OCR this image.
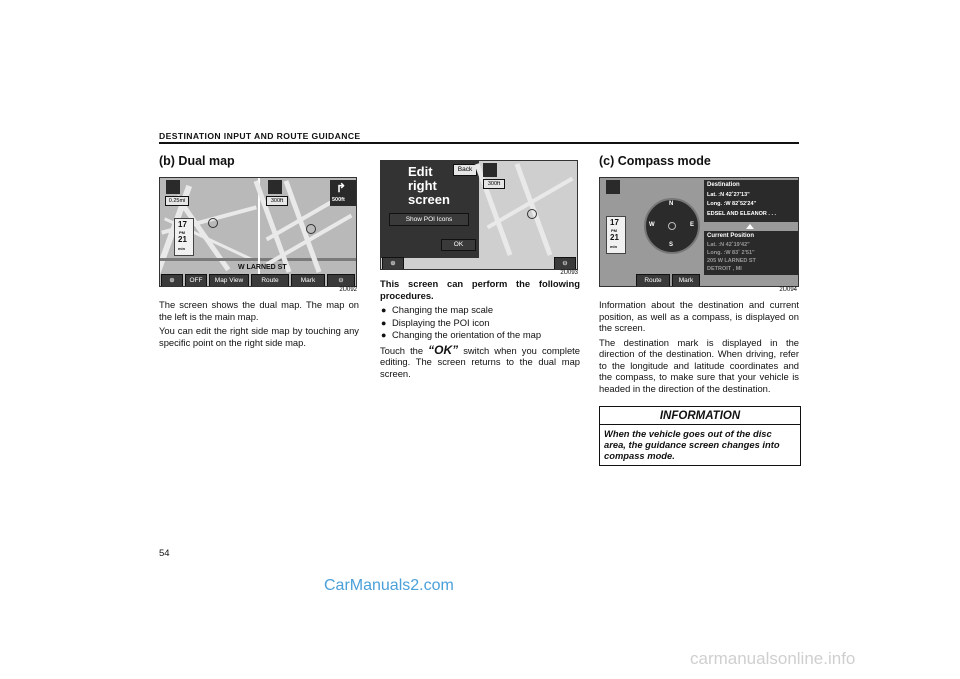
DESTINATION INPUT AND ROUTE GUIDANCE
(b) Dual map
0.25mi	300ft
↱
500ft
17
PM
21
min
W LARNED ST
⊕	OFF	Map View	Route	Mark	⊖
2U092

The screen shows the dual map. The map on the left is the main map.

You can edit the right side map by touching any specific point on the right side map.

Edit
right
screen
Back
300ft
Show POI Icons
OK
⊕	⊖
2U093

This screen can perform the following procedures.

● Changing the map scale
● Displaying the POI icon
● Changing the orientation of the map

Touch the “OK” switch when you complete editing. The screen returns to the dual map screen.

(c) Compass mode
17
PM
21
min
N
E
S
W
Destination
Lat. :N 42˚27'13"
Long. :W 82˚52'24"
EDSEL AND ELEANOR . . .
Current Position
Lat. :N 42˚19'42"
Long. :W 83˚ 2'51"
205 W LARNED ST
DETROIT , MI
Route	Mark
2U094

Information about the destination and current position, as well as a compass, is displayed on the screen.

The destination mark is displayed in the direction of the destination. When driving, refer to the longitude and latitude coordinates and the compass, to make sure that your vehicle is headed in the direction of the destination.

INFORMATION
When the vehicle goes out of the disc area, the guidance screen changes into compass mode.
54
CarManuals2.com
carmanualsonline.info
